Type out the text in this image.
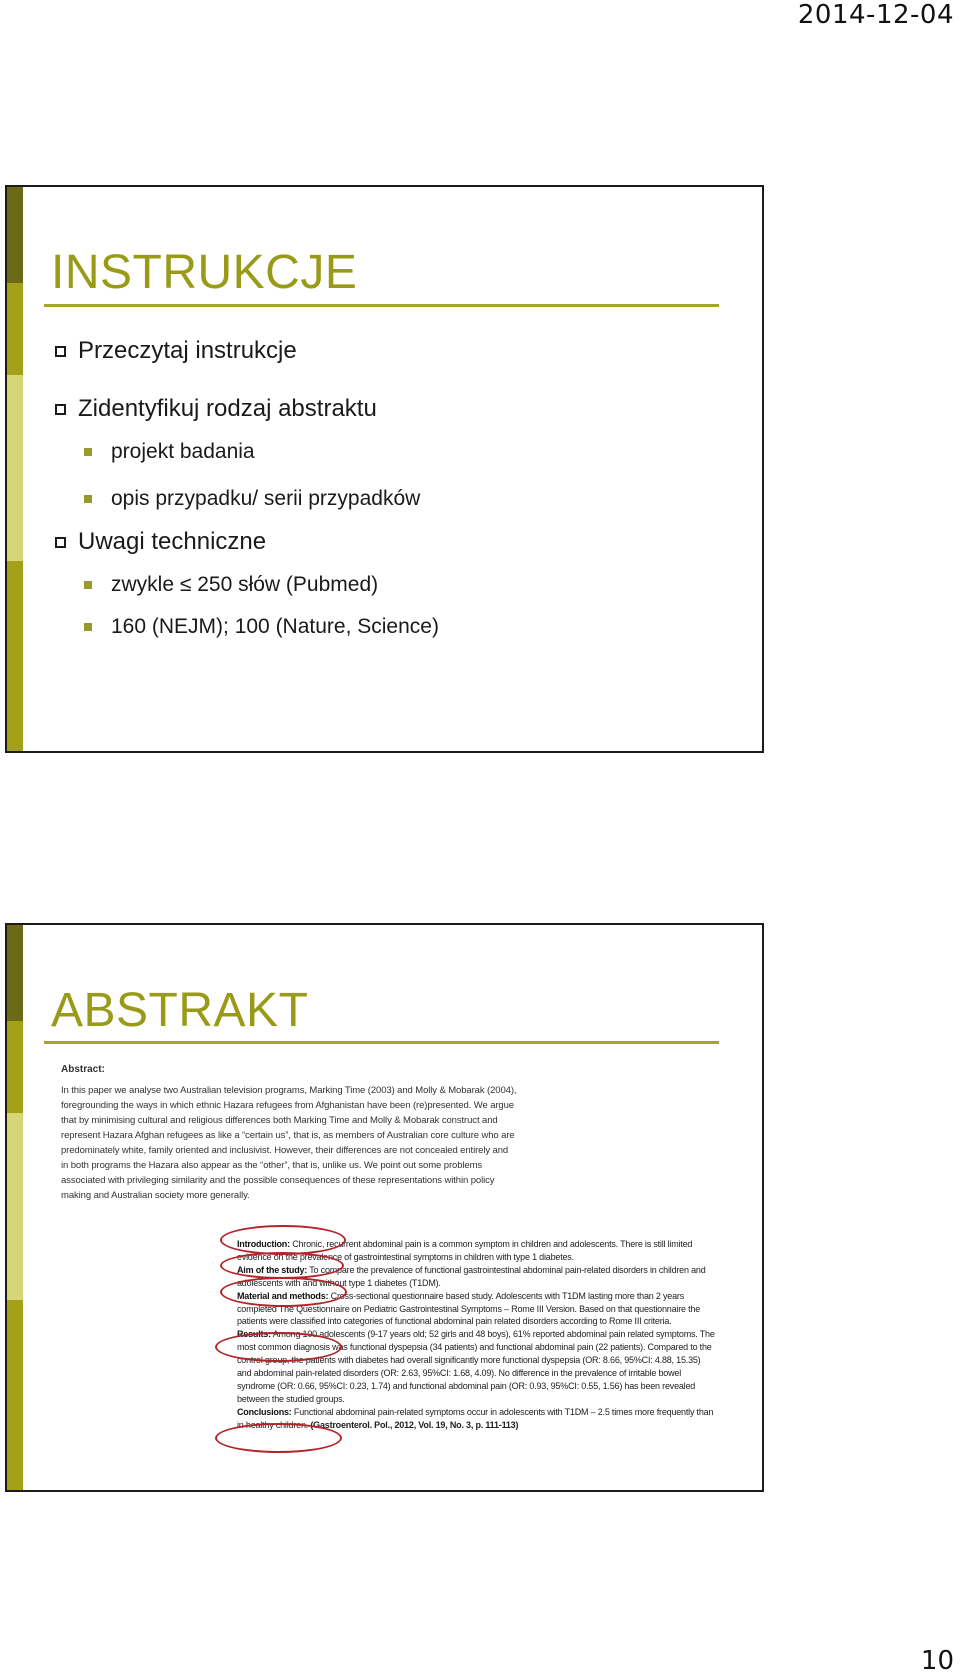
2014-12-04
INSTRUKCJE
Przeczytaj instrukcje
Zidentyfikuj rodzaj abstraktu
projekt badania
opis przypadku/ serii przypadków
Uwagi techniczne
zwykle ≤ 250 słów (Pubmed)
160 (NEJM); 100 (Nature, Science)
ABSTRAKT
Abstract:
In this paper we analyse two Australian television programs, Marking Time (2003) and Molly & Mobarak (2004), foregrounding the ways in which ethnic Hazara refugees from Afghanistan have been (re)presented. We argue that by minimising cultural and religious differences both Marking Time and Molly & Mobarak construct and represent Hazara Afghan refugees as like a “certain us”, that is, as members of Australian core culture who are predominately white, family oriented and inclusivist. However, their differences are not concealed entirely and in both programs the Hazara also appear as the “other”, that is, unlike us. We point out some problems associated with privileging similarity and the possible consequences of these representations within policy making and Australian society more generally.
Introduction: Chronic, recurrent abdominal pain is a common symptom in children and adolescents. There is still limited evidence on the prevalence of gastrointestinal symptoms in children with type 1 diabetes.
Aim of the study: To compare the prevalence of functional gastrointestinal abdominal pain-related disorders in children and adolescents with and without type 1 diabetes (T1DM).
Material and methods: Cross-sectional questionnaire based study. Adolescents with T1DM lasting more than 2 years completed The Questionnaire on Pediatric Gastrointestinal Symptoms – Rome III Version. Based on that questionnaire the patients were classified into categories of functional abdominal pain related disorders according to Rome III criteria.
Results: Among 100 adolescents (9-17 years old; 52 girls and 48 boys), 61% reported abdominal pain related symptoms. The most common diagnosis was functional dyspepsia (34 patients) and functional abdominal pain (22 patients). Compared to the control group, the patients with diabetes had overall significantly more functional dyspepsia (OR: 8.66, 95%CI: 4.88, 15.35) and abdominal pain-related disorders (OR: 2.63, 95%CI: 1.68, 4.09). No difference in the prevalence of irritable bowel syndrome (OR: 0.66, 95%CI: 0.23, 1.74) and functional abdominal pain (OR: 0.93, 95%CI: 0.55, 1.56) has been revealed between the studied groups.
Conclusions: Functional abdominal pain-related symptoms occur in adolescents with T1DM – 2.5 times more frequently than in healthy children. (Gastroenterol. Pol., 2012, Vol. 19, No. 3, p. 111-113)
10
